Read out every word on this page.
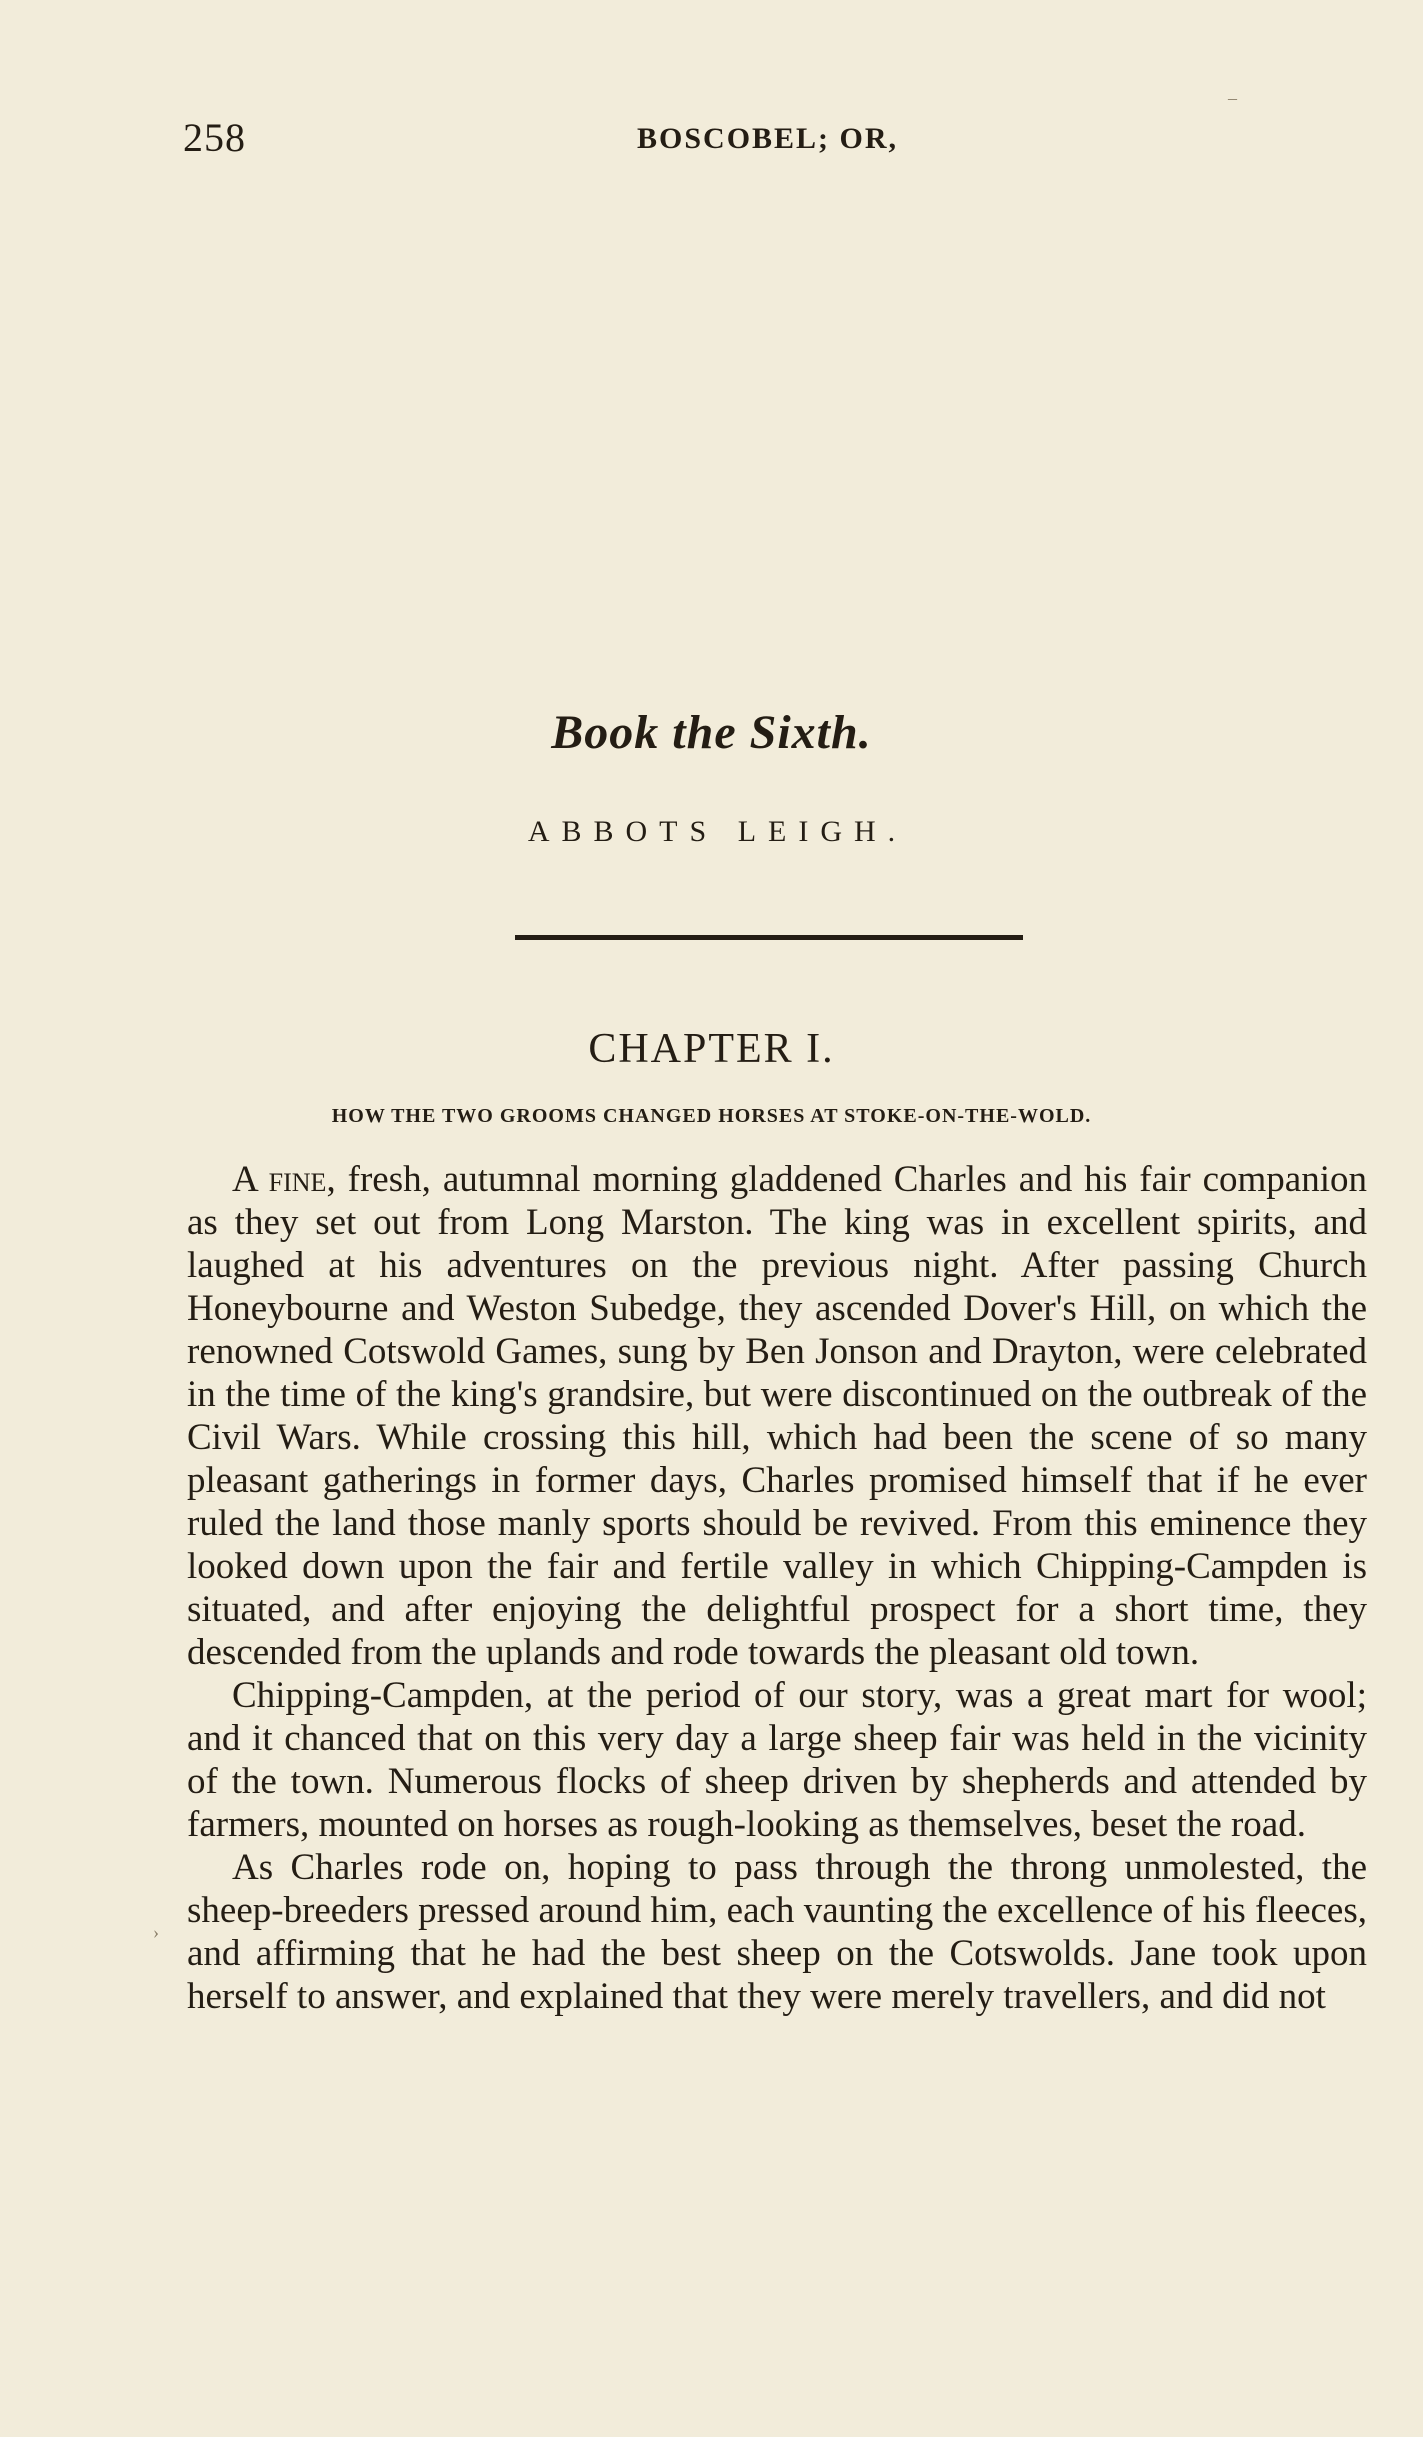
258	BOSCOBEL; OR,
Book the Sixth.
ABBOTS LEIGH.
CHAPTER I.
HOW THE TWO GROOMS CHANGED HORSES AT STOKE-ON-THE-WOLD.

A fine, fresh, autumnal morning gladdened Charles and his fair companion as they set out from Long Marston. The king was in excellent spirits, and laughed at his adventures on the previous night. After passing Church Honeybourne and Weston Subedge, they ascended Dover's Hill, on which the renowned Cotswold Games, sung by Ben Jonson and Drayton, were celebrated in the time of the king's grandsire, but were discontinued on the outbreak of the Civil Wars. While crossing this hill, which had been the scene of so many pleasant gatherings in former days, Charles promised himself that if he ever ruled the land those manly sports should be revived. From this eminence they looked down upon the fair and fertile valley in which Chipping-Campden is situated, and after enjoying the delightful prospect for a short time, they descended from the uplands and rode towards the pleasant old town.

Chipping-Campden, at the period of our story, was a great mart for wool; and it chanced that on this very day a large sheep fair was held in the vicinity of the town. Numerous flocks of sheep driven by shepherds and attended by farmers, mounted on horses as rough-looking as themselves, beset the road.

As Charles rode on, hoping to pass through the throng unmolested, the sheep-breeders pressed around him, each vaunting the excellence of his fleeces, and affirming that he had the best sheep on the Cotswolds. Jane took upon herself to answer, and explained that they were merely travellers, and did not

–
›
